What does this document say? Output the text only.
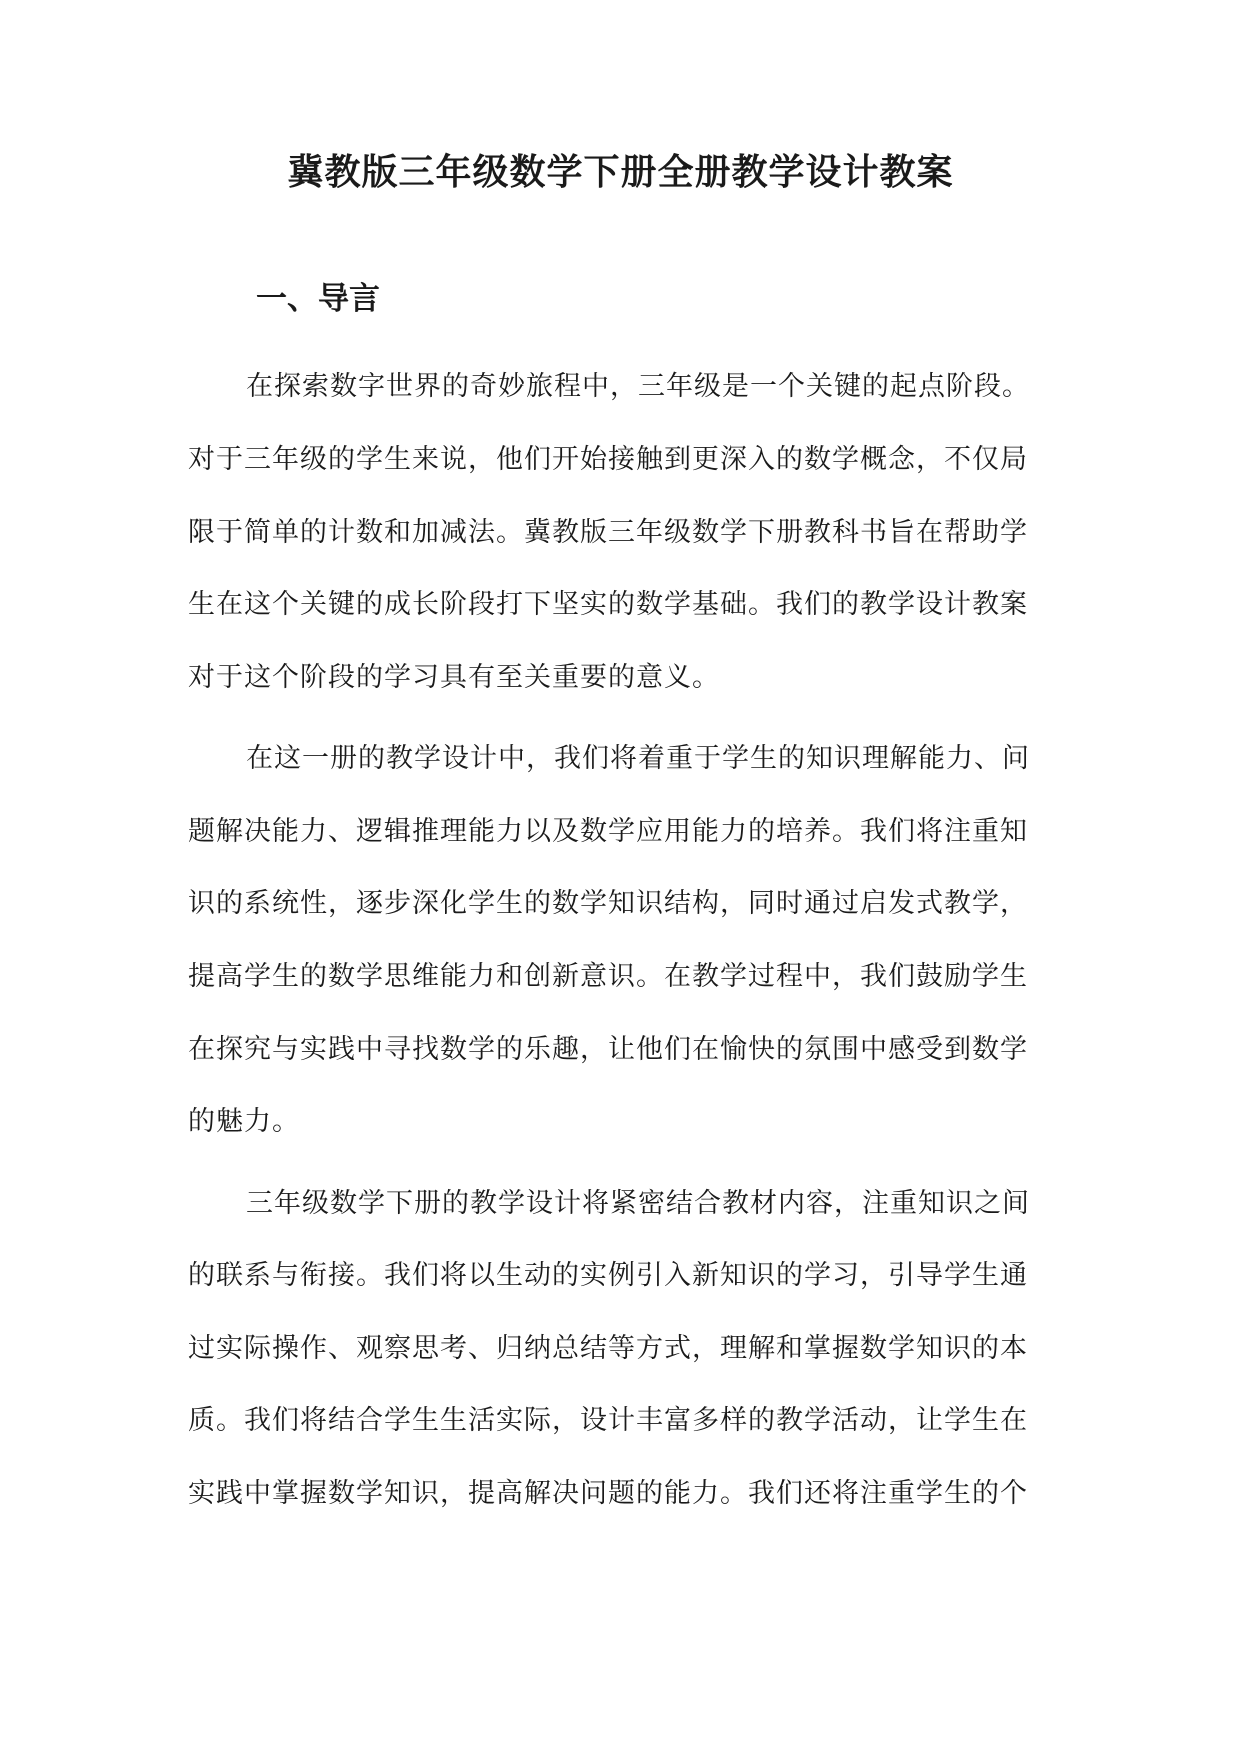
冀教版三年级数学下册全册教学设计教案
一、导言
在探索数字世界的奇妙旅程中，三年级是一个关键的起点阶段。
对于三年级的学生来说，他们开始接触到更深入的数学概念，不仅局
限于简单的计数和加减法。冀教版三年级数学下册教科书旨在帮助学
生在这个关键的成长阶段打下坚实的数学基础。我们的教学设计教案
对于这个阶段的学习具有至关重要的意义。
在这一册的教学设计中，我们将着重于学生的知识理解能力、问
题解决能力、逻辑推理能力以及数学应用能力的培养。我们将注重知
识的系统性，逐步深化学生的数学知识结构，同时通过启发式教学，
提高学生的数学思维能力和创新意识。在教学过程中，我们鼓励学生
在探究与实践中寻找数学的乐趣，让他们在愉快的氛围中感受到数学
的魅力。
三年级数学下册的教学设计将紧密结合教材内容，注重知识之间
的联系与衔接。我们将以生动的实例引入新知识的学习，引导学生通
过实际操作、观察思考、归纳总结等方式，理解和掌握数学知识的本
质。我们将结合学生生活实际，设计丰富多样的教学活动，让学生在
实践中掌握数学知识，提高解决问题的能力。我们还将注重学生的个
